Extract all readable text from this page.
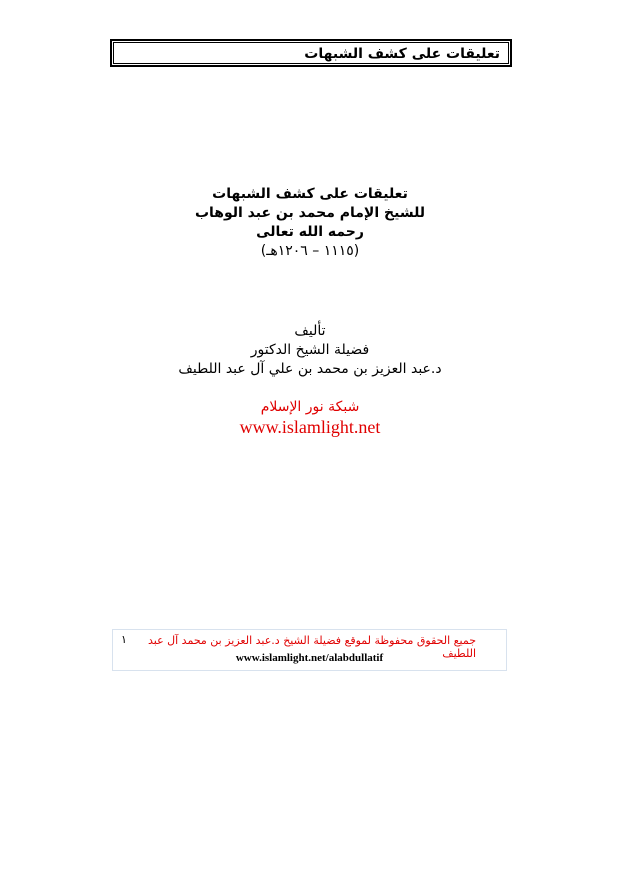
تعليقات على كشف الشبهات
تعليقات على كشف الشبهات
للشيخ الإمام محمد بن عبد الوهاب
رحمه الله تعالى
(١١١٥ – ١٢٠٦هـ)
تأليف
فضيلة الشيخ الدكتور
د.عبد العزيز بن محمد بن علي آل عبد اللطيف
شبكة نور الإسلام
www.islamlight.net
جميع الحقوق محفوظة لموقع فضيلة الشيخ د.عبد العزيز بن محمد آل عبد اللطيف
١
www.islamlight.net/alabdullatif
